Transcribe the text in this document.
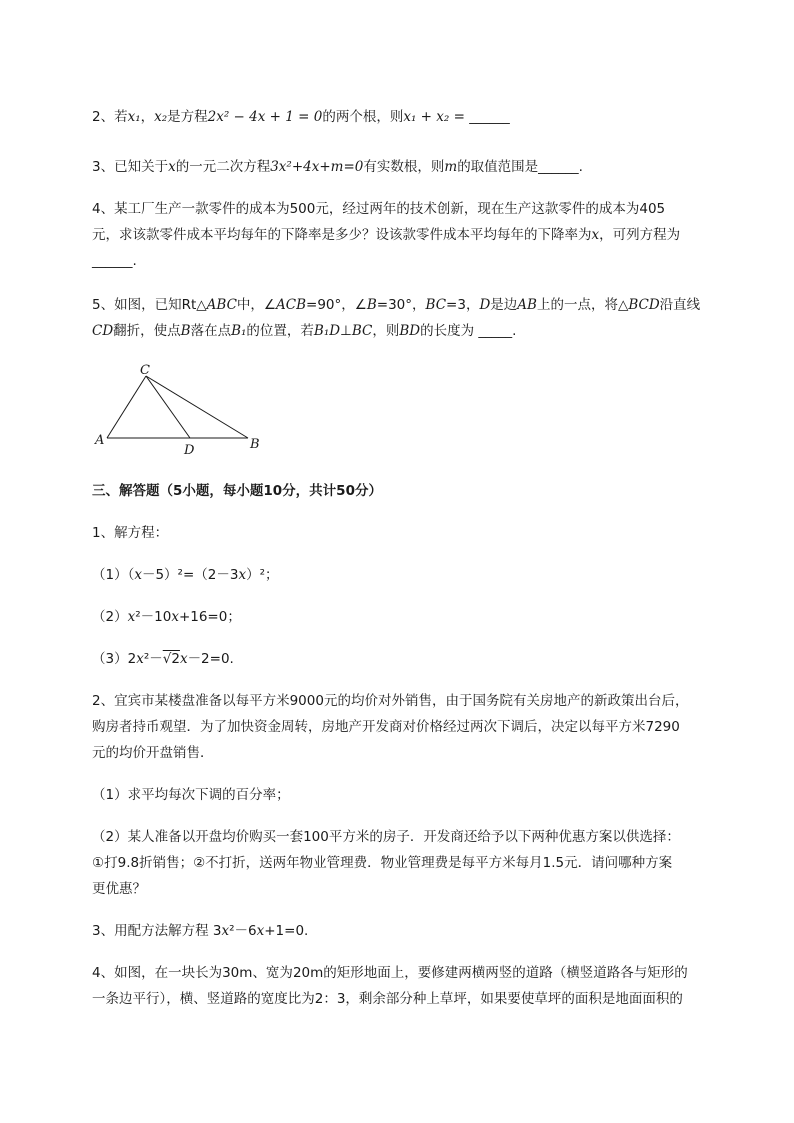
2、若x₁，x₂是方程2x² − 4x + 1 = 0的两个根，则x₁ + x₂ = ______
3、已知关于x的一元二次方程3x²+4x+m=0有实数根，则m的取值范围是______.
4、某工厂生产一款零件的成本为500元，经过两年的技术创新，现在生产这款零件的成本为405
元，求该款零件成本平均每年的下降率是多少？设该款零件成本平均每年的下降率为x，可列方程为
______.
5、如图，已知Rt△ABC中，∠ACB=90°，∠B=30°，BC=3，D是边AB上的一点，将△BCD沿直线
CD翻折，使点B落在点B₁的位置，若B₁D⊥BC，则BD的长度为 _____.
C
A	B
D
三、解答题（5小题，每小题10分，共计50分）
1、解方程：
（1）（x－5）²=（2－3x）²；
（2）x²－10x+16=0；
（3）2x²－√2x－2=0.
2、宜宾市某楼盘准备以每平方米9000元的均价对外销售，由于国务院有关房地产的新政策出台后，
购房者持币观望．为了加快资金周转，房地产开发商对价格经过两次下调后，决定以每平方米7290
元的均价开盘销售．
（1）求平均每次下调的百分率；
（2）某人准备以开盘均价购买一套100平方米的房子．开发商还给予以下两种优惠方案以供选择：
①打9.8折销售；②不打折，送两年物业管理费．物业管理费是每平方米每月1.5元．请问哪种方案
更优惠？
3、用配方法解方程 3x²－6x+1=0.
4、如图，在一块长为30m、宽为20m的矩形地面上，要修建两横两竖的道路（横竖道路各与矩形的
一条边平行），横、竖道路的宽度比为2：3，剩余部分种上草坪，如果要使草坪的面积是地面面积的
